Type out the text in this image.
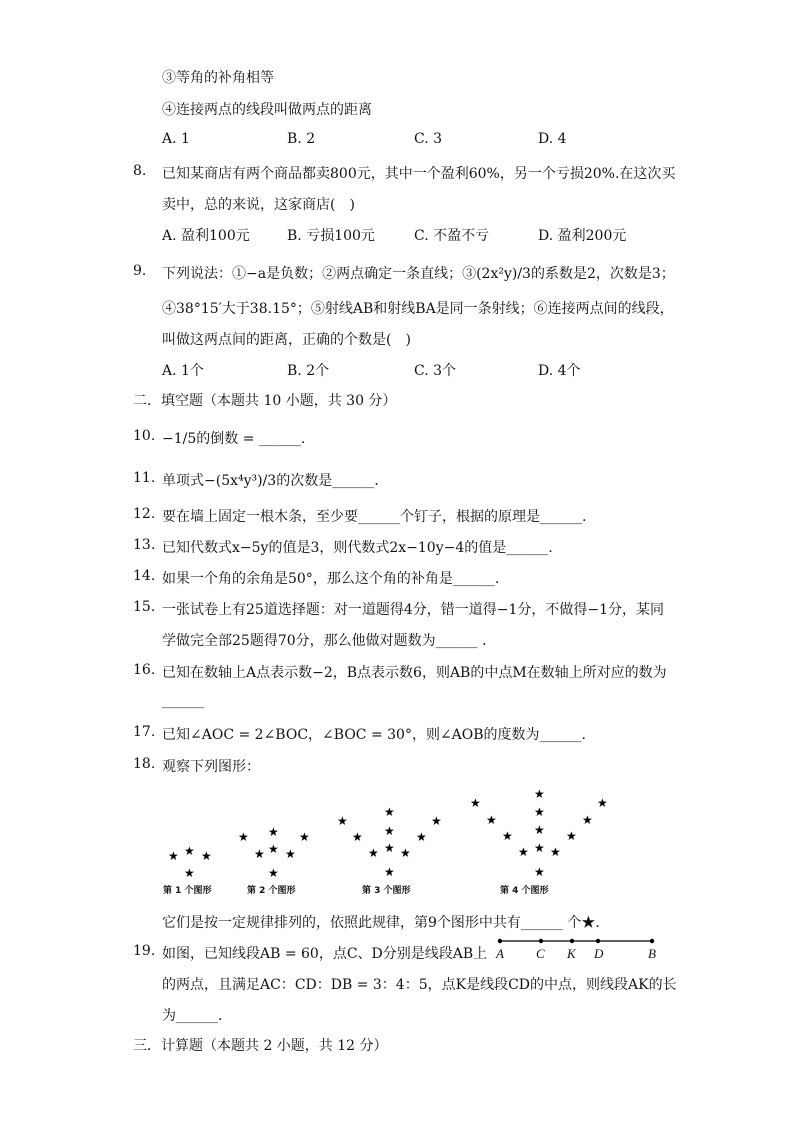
③等角的补角相等
④连接两点的线段叫做两点的距离
A. 1	B. 2	C. 3	D. 4
8. 已知某商店有两个商品都卖800元，其中一个盈利60%，另一个亏损20%.在这次买
卖中，总的来说，这家商店(　)
A. 盈利100元	B. 亏损100元	C. 不盈不亏	D. 盈利200元
9. 下列说法：①−a是负数；②两点确定一条直线；③(2x²y)/3的系数是2，次数是3；
④38°15′大于38.15°；⑤射线AB和射线BA是同一条射线；⑥连接两点间的线段，
叫做这两点间的距离，正确的个数是(　)
A. 1个	B. 2个	C. 3个	D. 4个
二．填空题（本题共 10 小题，共 30 分）
10. −1/5的倒数 = ______.
11. 单项式−(5x⁴y³)/3的次数是______.
12. 要在墙上固定一根木条，至少要______个钉子，根据的原理是______.
13. 已知代数式x−5y的值是3，则代数式2x−10y−4的值是______.
14. 如果一个角的余角是50°，那么这个角的补角是______.
15. 一张试卷上有25道选择题：对一道题得4分，错一道得−1分，不做得−1分，某同
学做完全部25题得70分，那么他做对题数为______ .
16. 已知在数轴上A点表示数−2，B点表示数6，则AB的中点M在数轴上所对应的数为
______
17. 已知∠AOC = 2∠BOC，∠BOC = 30°，则∠AOB的度数为______.
18. 观察下列图形：
★ ★ ★
★
第 1 个图形
★
★
★
★ ★
★
★
第 2 个图形
★
★
★
★
★
★ ★
★
★
★
第 3 个图形
★
★
★
★
★
★
★
★ ★
★
★
★
★
第 4 个图形
它们是按一定规律排列的，依照此规律，第9个图形中共有______ 个★.
19. 如图，已知线段AB = 60，点C、D分别是线段AB上
的两点，且满足AC：CD：DB = 3：4：5，点K是线段CD的中点，则线段AK的长
为______.
A C K D	B
三．计算题（本题共 2 小题，共 12 分）
